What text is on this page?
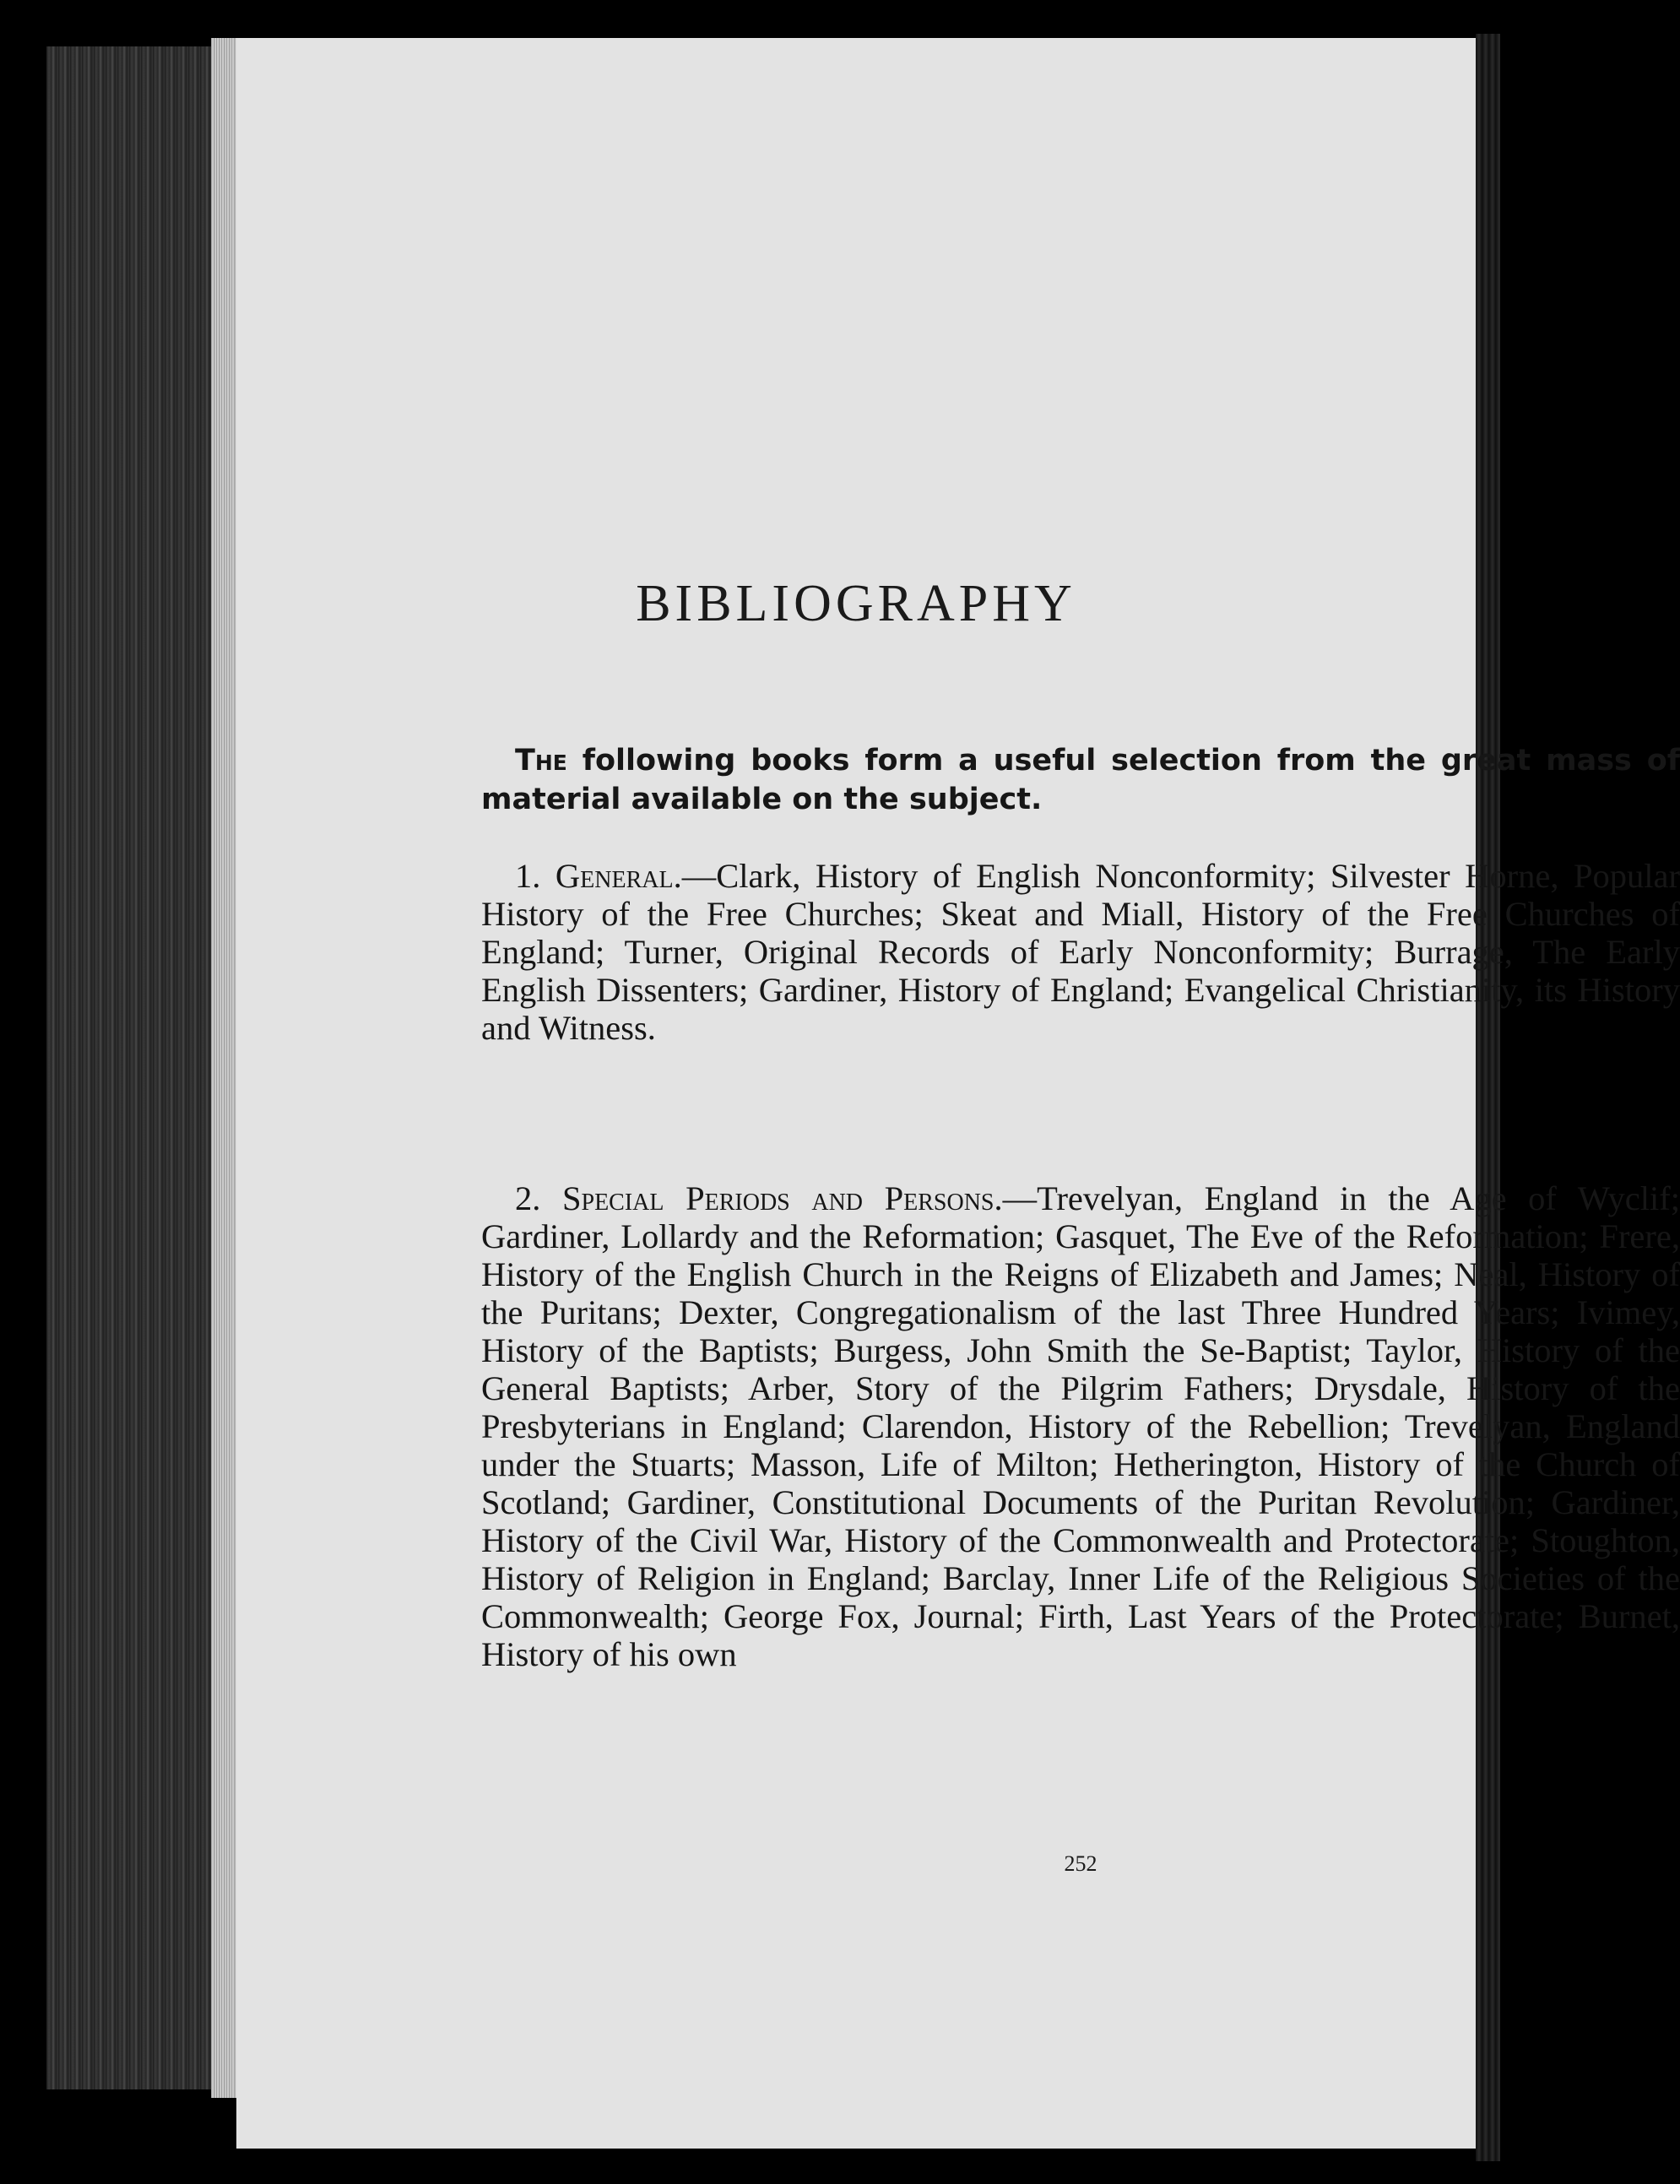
BIBLIOGRAPHY

The following books form a useful selection from the great mass of material available on the subject.

1. General.—Clark, History of English Nonconformity; Silvester Horne, Popular History of the Free Churches; Skeat and Miall, History of the Free Churches of England; Turner, Original Records of Early Nonconformity; Burrage, The Early English Dissenters; Gardiner, History of England; Evangelical Christianity, its History and Witness.

2. Special Periods and Persons.—Trevelyan, England in the Age of Wyclif; Gardiner, Lollardy and the Reformation; Gasquet, The Eve of the Reformation; Frere, History of the English Church in the Reigns of Elizabeth and James; Neal, History of the Puritans; Dexter, Congregationalism of the last Three Hundred Years; Ivimey, History of the Baptists; Burgess, John Smith the Se-Baptist; Taylor, History of the General Baptists; Arber, Story of the Pilgrim Fathers; Drysdale, History of the Presbyterians in England; Clarendon, History of the Rebellion; Trevelyan, England under the Stuarts; Masson, Life of Milton; Hetherington, History of the Church of Scotland; Gardiner, Constitutional Documents of the Puritan Revolution; Gardiner, History of the Civil War, History of the Commonwealth and Protectorate; Stoughton, History of Religion in England; Barclay, Inner Life of the Religious Societies of the Commonwealth; George Fox, Journal; Firth, Last Years of the Protectorate; Burnet, History of his own

252
